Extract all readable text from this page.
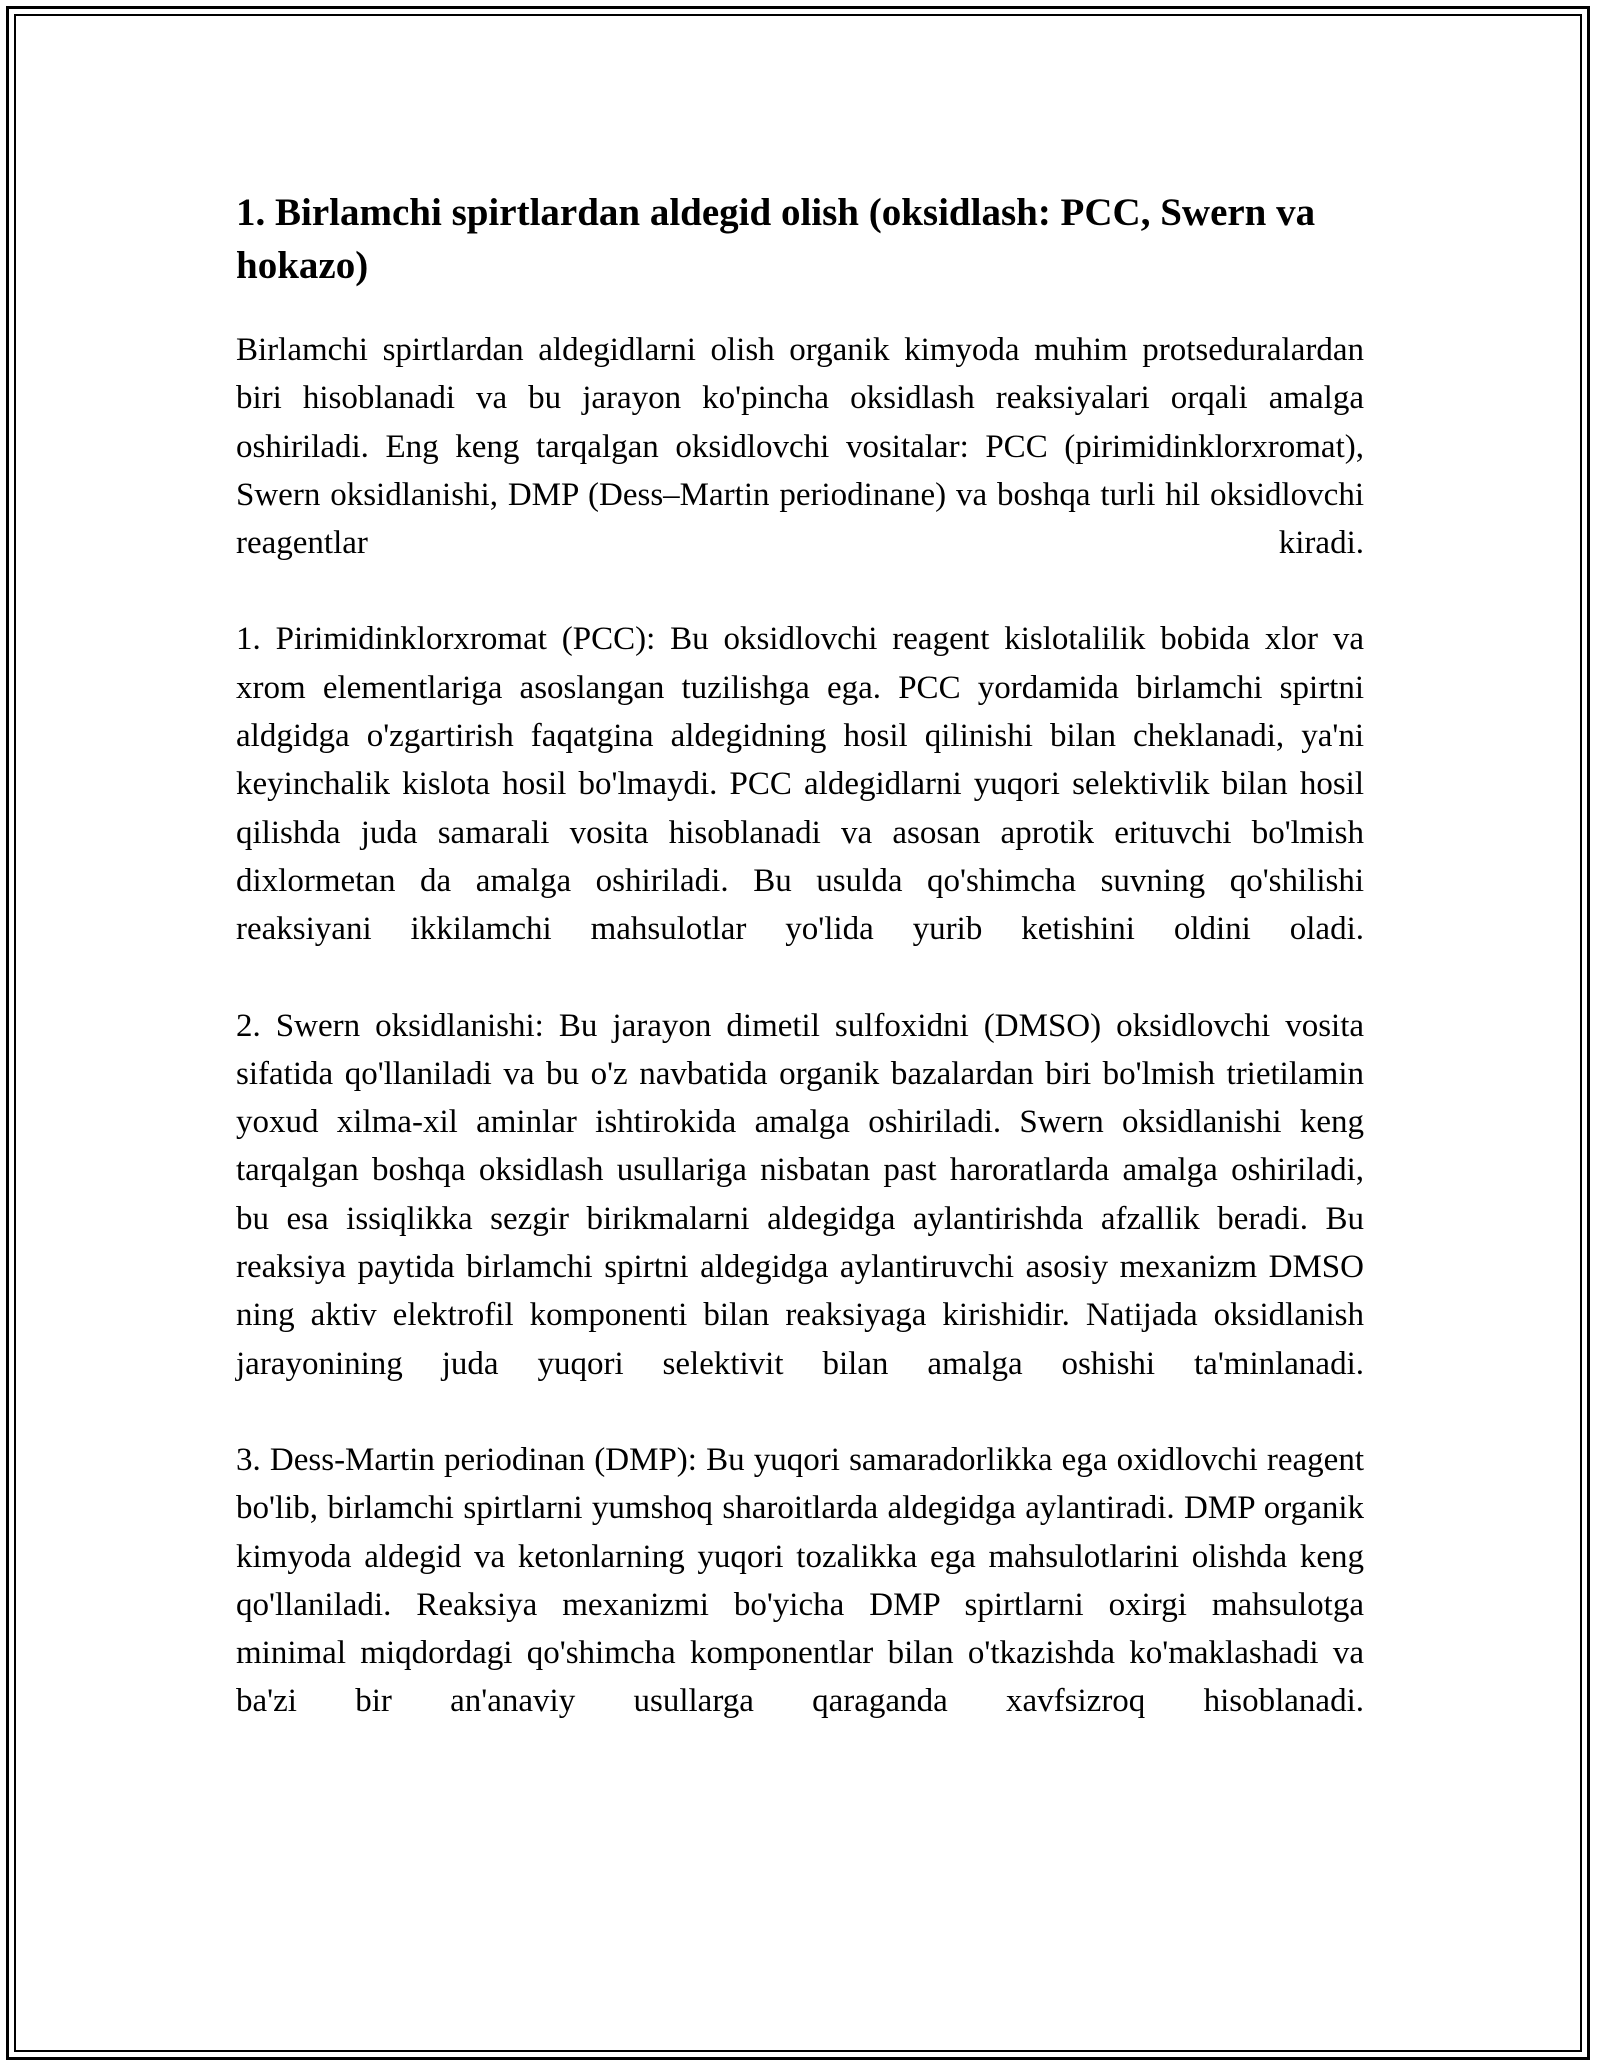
1. Birlamchi spirtlardan aldegid olish (oksidlash: PCC, Swern va hokazo)

Birlamchi spirtlardan aldegidlarni olish organik kimyoda muhim protseduralardan biri hisoblanadi va bu jarayon ko'pincha oksidlash reaksiyalari orqali amalga oshiriladi. Eng keng tarqalgan oksidlovchi vositalar: PCC (pirimidinklorxromat), Swern oksidlanishi, DMP (Dess–Martin periodinane) va boshqa turli hil oksidlovchi reagentlar kiradi.

1. Pirimidinklorxromat (PCC): Bu oksidlovchi reagent kislotalilik bobida xlor va xrom elementlariga asoslangan tuzilishga ega. PCC yordamida birlamchi spirtni aldgidga o'zgartirish faqatgina aldegidning hosil qilinishi bilan cheklanadi, ya'ni keyinchalik kislota hosil bo'lmaydi. PCC aldegidlarni yuqori selektivlik bilan hosil qilishda juda samarali vosita hisoblanadi va asosan aprotik erituvchi bo'lmish dixlormetan da amalga oshiriladi. Bu usulda qo'shimcha suvning qo'shilishi reaksiyani ikkilamchi mahsulotlar yo'lida yurib ketishini oldini oladi.

2. Swern oksidlanishi: Bu jarayon dimetil sulfoxidni (DMSO) oksidlovchi vosita sifatida qo'llaniladi va bu o'z navbatida organik bazalardan biri bo'lmish trietilamin yoxud xilma-xil aminlar ishtirokida amalga oshiriladi. Swern oksidlanishi keng tarqalgan boshqa oksidlash usullariga nisbatan past haroratlarda amalga oshiriladi, bu esa issiqlikka sezgir birikmalarni aldegidga aylantirishda afzallik beradi. Bu reaksiya paytida birlamchi spirtni aldegidga aylantiruvchi asosiy mexanizm DMSO ning aktiv elektrofil komponenti bilan reaksiyaga kirishidir. Natijada oksidlanish jarayonining juda yuqori selektivit bilan amalga oshishi ta'minlanadi.

3. Dess-Martin periodinan (DMP): Bu yuqori samaradorlikka ega oxidlovchi reagent bo'lib, birlamchi spirtlarni yumshoq sharoitlarda aldegidga aylantiradi. DMP organik kimyoda aldegid va ketonlarning yuqori tozalikka ega mahsulotlarini olishda keng qo'llaniladi. Reaksiya mexanizmi bo'yicha DMP spirtlarni oxirgi mahsulotga minimal miqdordagi qo'shimcha komponentlar bilan o'tkazishda ko'maklashadi va ba'zi bir an'anaviy usullarga qaraganda xavfsizroq hisoblanadi.
